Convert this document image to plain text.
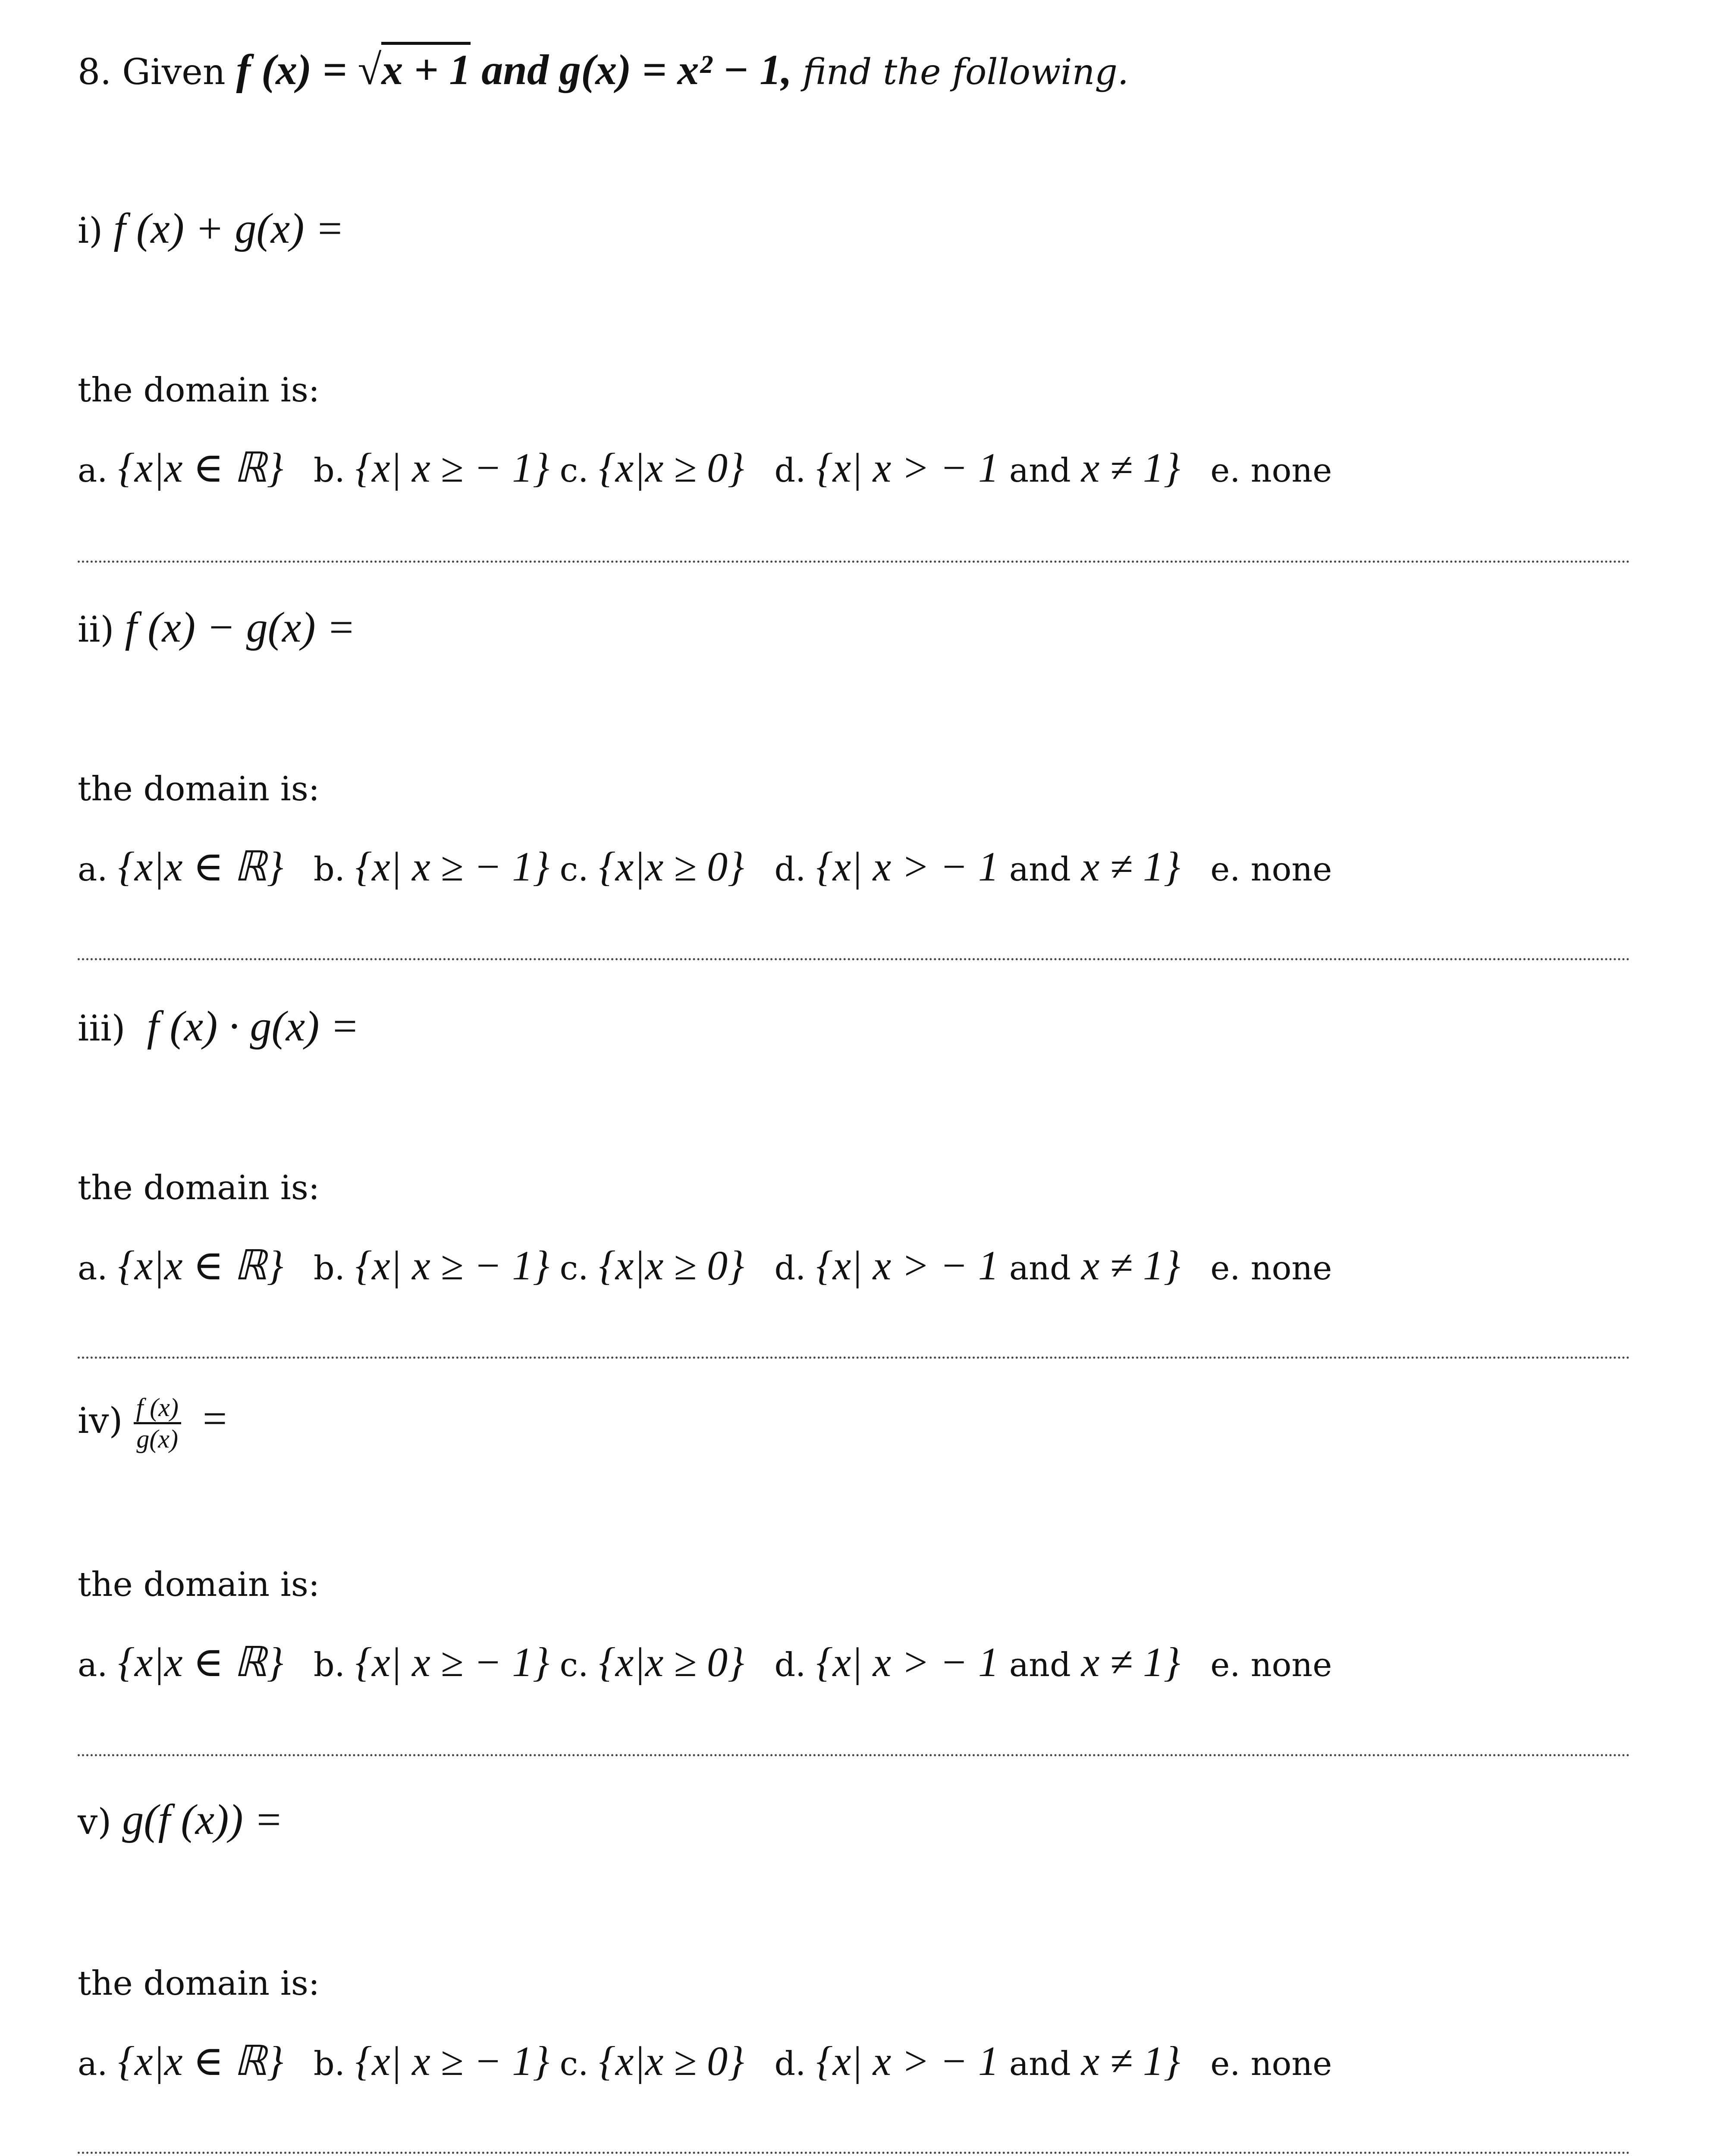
8. Given f (x) = √x + 1 and g(x) = x² − 1, find the following.
i) f (x) + g(x) =
the domain is:
a. {x|x ∈ ℝ} b. {x| x ≥ − 1} c. {x|x ≥ 0} d. {x| x > − 1 and x ≠ 1} e. none
ii) f (x) − g(x) =
the domain is:
a. {x|x ∈ ℝ} b. {x| x ≥ − 1} c. {x|x ≥ 0} d. {x| x > − 1 and x ≠ 1} e. none
iii) f (x) · g(x) =
the domain is:
a. {x|x ∈ ℝ} b. {x| x ≥ − 1} c. {x|x ≥ 0} d. {x| x > − 1 and x ≠ 1} e. none
$iv) \frac{f (x)}{g(x)}$ =
the domain is:
a. {x|x ∈ ℝ} b. {x| x ≥ − 1} c. {x|x ≥ 0} d. {x| x > − 1 and x ≠ 1} e. none
v) g(f (x)) =
the domain is:
a. {x|x ∈ ℝ} b. {x| x ≥ − 1} c. {x|x ≥ 0} d. {x| x > − 1 and x ≠ 1} e. none
